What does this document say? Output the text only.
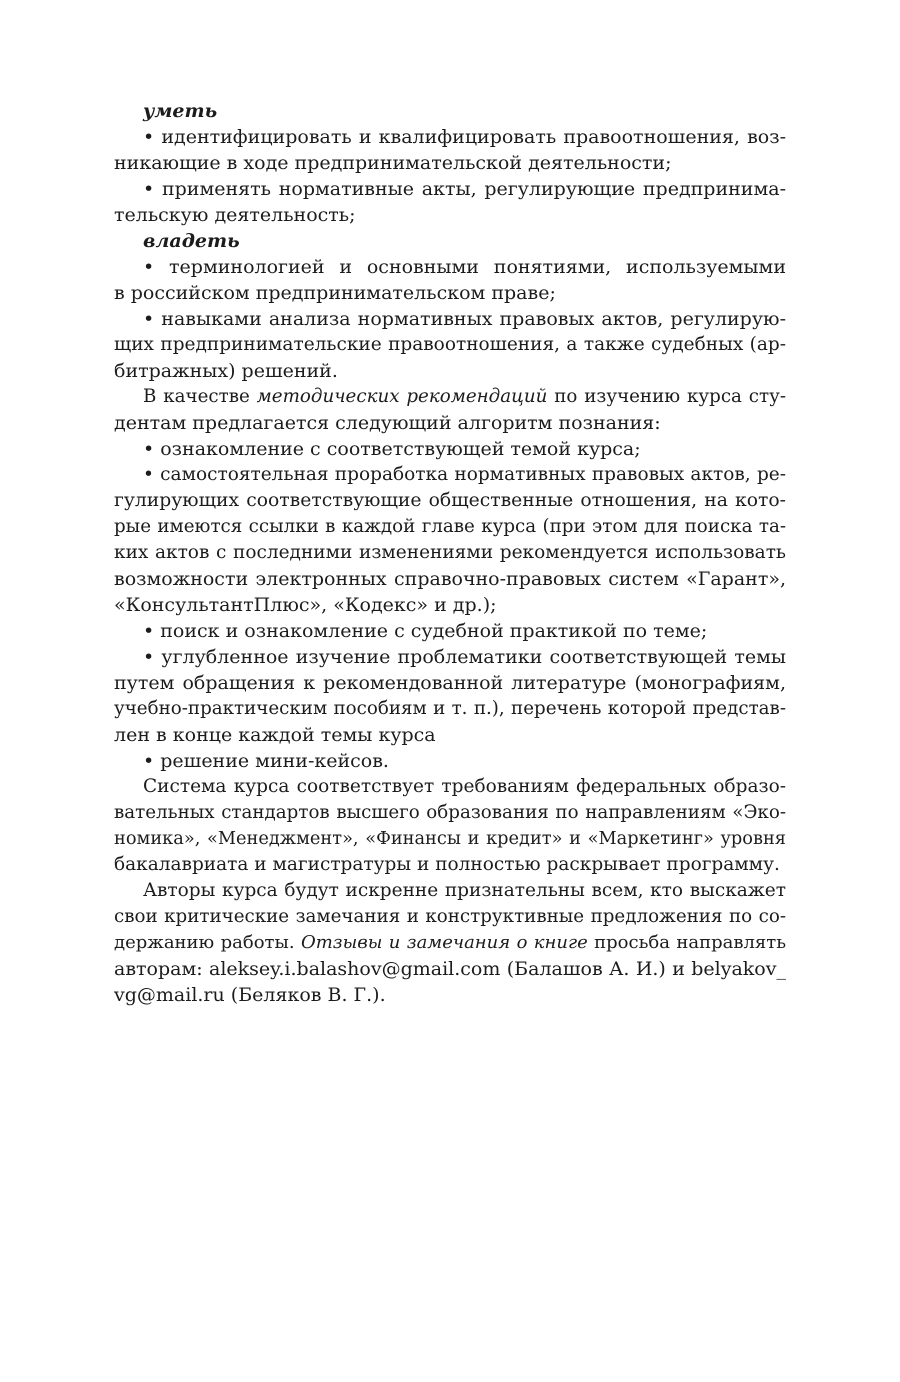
уметь
• идентифицировать и квалифицировать правоотношения, воз-
никающие в ходе предпринимательской деятельности;
• применять нормативные акты, регулирующие предпринима-
тельскую деятельность;
владеть
• терминологией и основными понятиями, используемыми
в российском предпринимательском праве;
• навыками анализа нормативных правовых актов, регулирую-
щих предпринимательские правоотношения, а также судебных (ар-
битражных) решений.
В качестве методических рекомендаций по изучению курса сту-
дентам предлагается следующий алгоритм познания:
• ознакомление с соответствующей темой курса;
• самостоятельная проработка нормативных правовых актов, ре-
гулирующих соответствующие общественные отношения, на кото-
рые имеются ссылки в каждой главе курса (при этом для поиска та-
ких актов с последними изменениями рекомендуется использовать
возможности электронных справочно-правовых систем «Гарант»,
«КонсультантПлюс», «Кодекс» и др.);
• поиск и ознакомление с судебной практикой по теме;
• углубленное изучение проблематики соответствующей темы
путем обращения к рекомендованной литературе (монографиям,
учебно-практическим пособиям и т. п.), перечень которой представ-
лен в конце каждой темы курса
• решение мини-кейсов.
Система курса соответствует требованиям федеральных образо-
вательных стандартов высшего образования по направлениям «Эко-
номика», «Менеджмент», «Финансы и кредит» и «Маркетинг» уровня
бакалавриата и магистратуры и полностью раскрывает программу.
Авторы курса будут искренне признательны всем, кто выскажет
свои критические замечания и конструктивные предложения по со-
держанию работы. Отзывы и замечания о книге просьба направлять
авторам: aleksey.i.balashov@gmail.com (Балашов А. И.) и belyakov_
vg@mail.ru (Беляков В. Г.).
